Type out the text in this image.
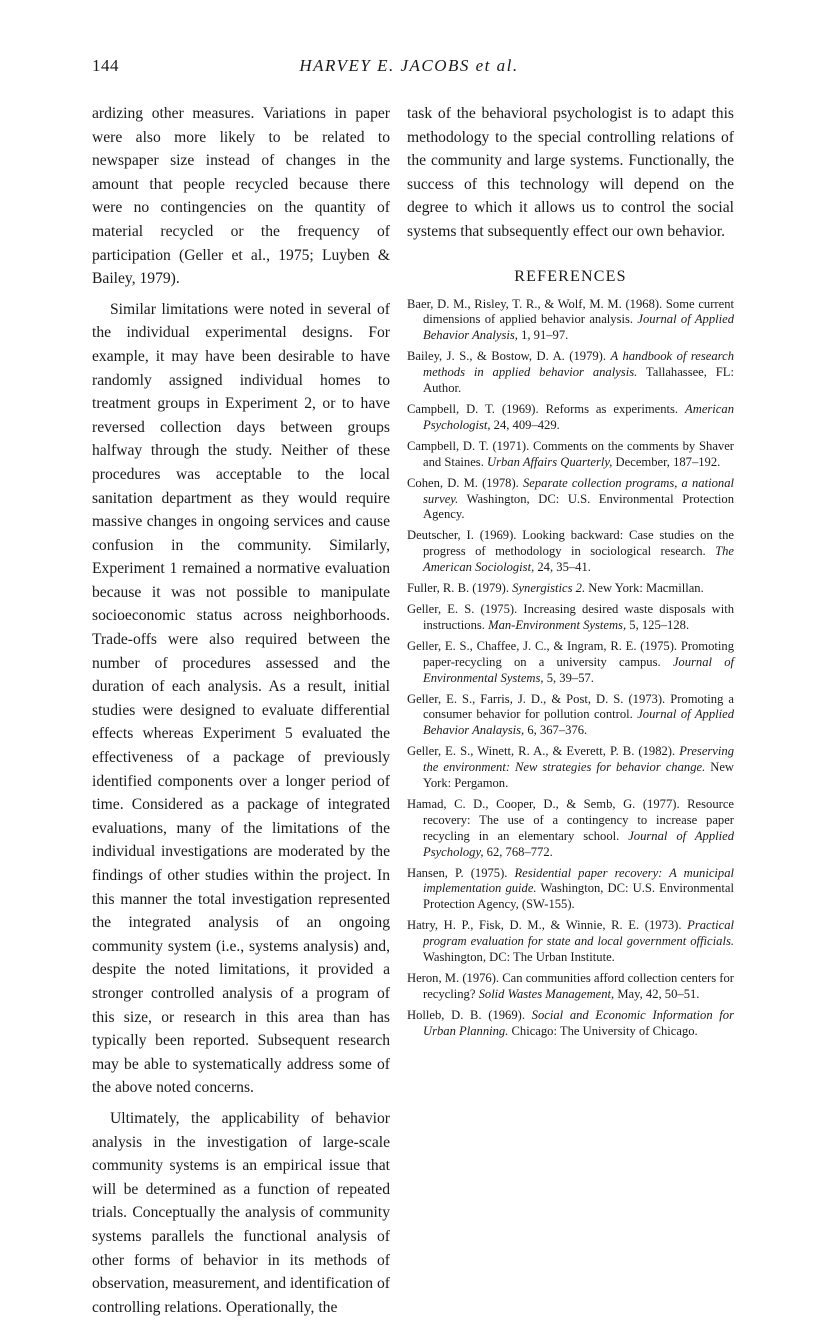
144	HARVEY E. JACOBS et al.

ardizing other measures. Variations in paper were also more likely to be related to newspaper size instead of changes in the amount that people recycled because there were no contingencies on the quantity of material recycled or the frequency of participation (Geller et al., 1975; Luyben & Bailey, 1979).

Similar limitations were noted in several of the individual experimental designs. For example, it may have been desirable to have randomly assigned individual homes to treatment groups in Experiment 2, or to have reversed collection days between groups halfway through the study. Neither of these procedures was acceptable to the local sanitation department as they would require massive changes in ongoing services and cause confusion in the community. Similarly, Experiment 1 remained a normative evaluation because it was not possible to manipulate socioeconomic status across neighborhoods. Trade-offs were also required between the number of procedures assessed and the duration of each analysis. As a result, initial studies were designed to evaluate differential effects whereas Experiment 5 evaluated the effectiveness of a package of previously identified components over a longer period of time. Considered as a package of integrated evaluations, many of the limitations of the individual investigations are moderated by the findings of other studies within the project. In this manner the total investigation represented the integrated analysis of an ongoing community system (i.e., systems analysis) and, despite the noted limitations, it provided a stronger controlled analysis of a program of this size, or research in this area than has typically been reported. Subsequent research may be able to systematically address some of the above noted concerns.

Ultimately, the applicability of behavior analysis in the investigation of large-scale community systems is an empirical issue that will be determined as a function of repeated trials. Conceptually the analysis of community systems parallels the functional analysis of other forms of behavior in its methods of observation, measurement, and identification of controlling relations. Operationally, the

task of the behavioral psychologist is to adapt this methodology to the special controlling relations of the community and large systems. Functionally, the success of this technology will depend on the degree to which it allows us to control the social systems that subsequently effect our own behavior.

REFERENCES

Baer, D. M., Risley, T. R., & Wolf, M. M. (1968). Some current dimensions of applied behavior analysis. Journal of Applied Behavior Analysis, 1, 91–97.

Bailey, J. S., & Bostow, D. A. (1979). A handbook of research methods in applied behavior analysis. Tallahassee, FL: Author.

Campbell, D. T. (1969). Reforms as experiments. American Psychologist, 24, 409–429.

Campbell, D. T. (1971). Comments on the comments by Shaver and Staines. Urban Affairs Quarterly, December, 187–192.

Cohen, D. M. (1978). Separate collection programs, a national survey. Washington, DC: U.S. Environmental Protection Agency.

Deutscher, I. (1969). Looking backward: Case studies on the progress of methodology in sociological research. The American Sociologist, 24, 35–41.

Fuller, R. B. (1979). Synergistics 2. New York: Macmillan.

Geller, E. S. (1975). Increasing desired waste disposals with instructions. Man-Environment Systems, 5, 125–128.

Geller, E. S., Chaffee, J. C., & Ingram, R. E. (1975). Promoting paper-recycling on a university campus. Journal of Environmental Systems, 5, 39–57.

Geller, E. S., Farris, J. D., & Post, D. S. (1973). Promoting a consumer behavior for pollution control. Journal of Applied Behavior Analaysis, 6, 367–376.

Geller, E. S., Winett, R. A., & Everett, P. B. (1982). Preserving the environment: New strategies for behavior change. New York: Pergamon.

Hamad, C. D., Cooper, D., & Semb, G. (1977). Resource recovery: The use of a contingency to increase paper recycling in an elementary school. Journal of Applied Psychology, 62, 768–772.

Hansen, P. (1975). Residential paper recovery: A municipal implementation guide. Washington, DC: U.S. Environmental Protection Agency, (SW-155).

Hatry, H. P., Fisk, D. M., & Winnie, R. E. (1973). Practical program evaluation for state and local government officials. Washington, DC: The Urban Institute.

Heron, M. (1976). Can communities afford collection centers for recycling? Solid Wastes Management, May, 42, 50–51.

Holleb, D. B. (1969). Social and Economic Information for Urban Planning. Chicago: The University of Chicago.
